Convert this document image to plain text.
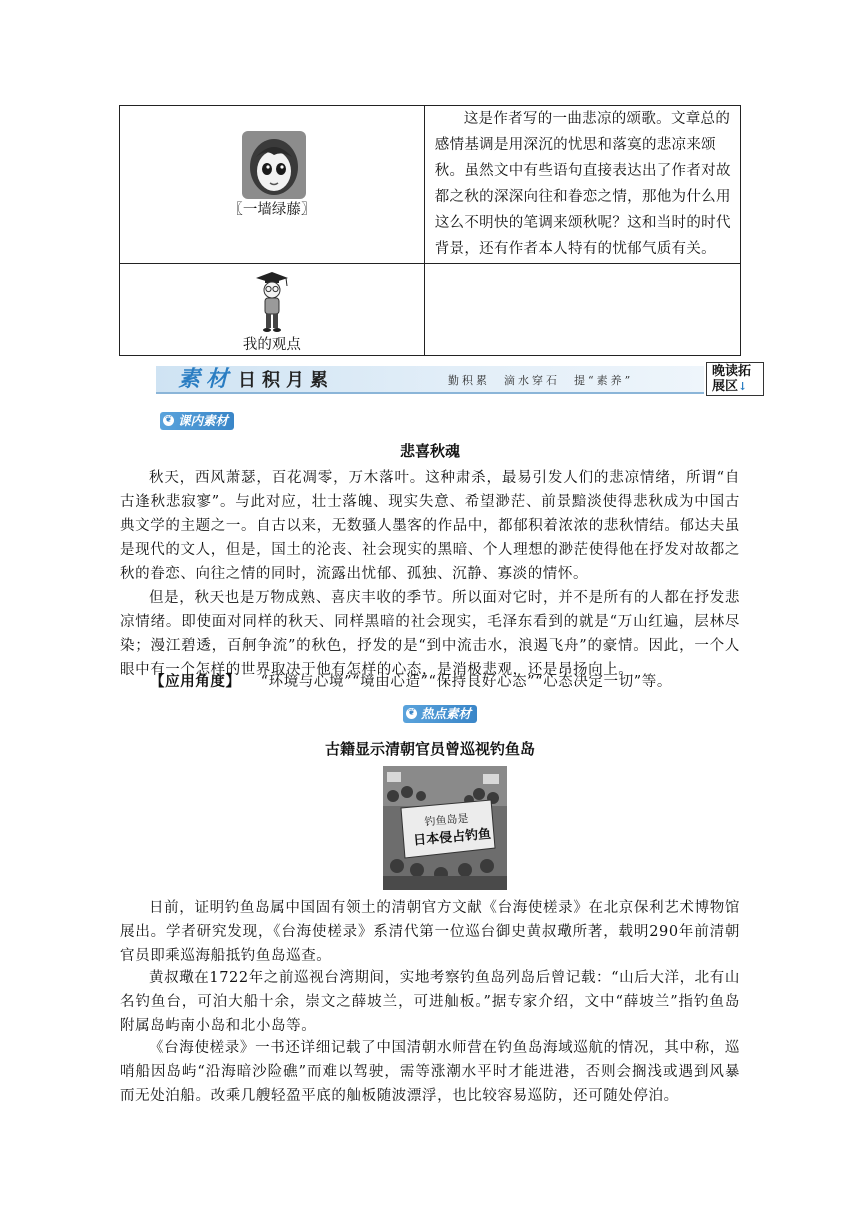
〖一墙绿藤〗	这是作者写的一曲悲凉的颂歌。文章总的感情基调是用深沉的忧思和落寞的悲凉来颂秋。虽然文中有些语句直接表达出了作者对故都之秋的深深向往和眷恋之情，那他为什么用这么不明快的笔调来颂秋呢？这和当时的时代背景，还有作者本人特有的忧郁气质有关。

我的观点	

素材 日积月累	勤积累　滴水穿石　提“素养”
晚读拓
展区↓
❦ 课内素材
悲喜秋魂
秋天，西风萧瑟，百花凋零，万木落叶。这种肃杀，最易引发人们的悲凉情绪，所谓“自古逢秋悲寂寥”。与此对应，壮士落魄、现实失意、希望渺茫、前景黯淡使得悲秋成为中国古典文学的主题之一。自古以来，无数骚人墨客的作品中，都郁积着浓浓的悲秋情结。郁达夫虽是现代的文人，但是，国土的沦丧、社会现实的黑暗、个人理想的渺茫使得他在抒发对故都之秋的眷恋、向往之情的同时，流露出忧郁、孤独、沉静、寡淡的情怀。
但是，秋天也是万物成熟、喜庆丰收的季节。所以面对它时，并不是所有的人都在抒发悲凉情绪。即使面对同样的秋天、同样黑暗的社会现实，毛泽东看到的就是“万山红遍，层林尽染；漫江碧透，百舸争流”的秋色，抒发的是“到中流击水，浪遏飞舟”的豪情。因此，一个人眼中有一个怎样的世界取决于他有怎样的心态，是消极悲观，还是昂扬向上。
【应用角度】 “环境与心境”“境由心造”“保持良好心态”“心态决定一切”等。
❦ 热点素材
古籍显示清朝官员曾巡视钓鱼岛
钓鱼岛是
日本侵占钓鱼
日前，证明钓鱼岛属中国固有领土的清朝官方文献《台海使槎录》在北京保利艺术博物馆展出。学者研究发现，《台海使槎录》系清代第一位巡台御史黄叔璥所著，载明290年前清朝官员即乘巡海船抵钓鱼岛巡查。
黄叔璥在1722年之前巡视台湾期间，实地考察钓鱼岛列岛后曾记载：“山后大洋，北有山名钓鱼台，可泊大船十余，崇文之薛坡兰，可进舢板。”据专家介绍，文中“薛坡兰”指钓鱼岛附属岛屿南小岛和北小岛等。
《台海使槎录》一书还详细记载了中国清朝水师营在钓鱼岛海域巡航的情况，其中称，巡哨船因岛屿“沿海暗沙险礁”而难以驾驶，需等涨潮水平时才能进港，否则会搁浅或遇到风暴而无处泊船。改乘几艘轻盈平底的舢板随波漂浮，也比较容易巡防，还可随处停泊。
